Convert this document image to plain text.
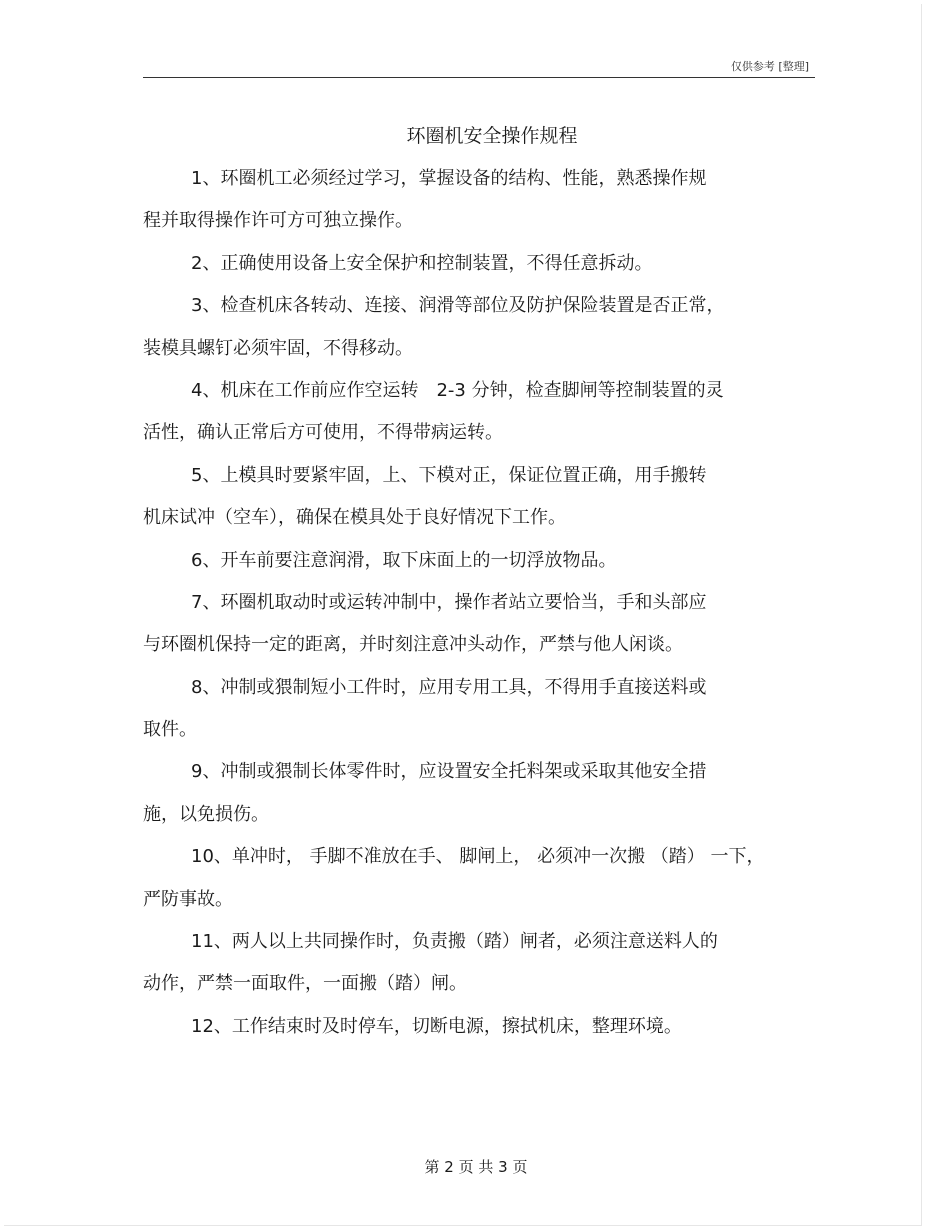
仅供参考 [整理]
环圈机安全操作规程
1、环圈机工必须经过学习，掌握设备的结构、性能，熟悉操作规
程并取得操作许可方可独立操作。
2、正确使用设备上安全保护和控制装置，不得任意拆动。
3、检查机床各转动、连接、润滑等部位及防护保险装置是否正常，
装模具螺钉必须牢固，不得移动。
4、机床在工作前应作空运转　2-3 分钟，检查脚闸等控制装置的灵
活性，确认正常后方可使用，不得带病运转。
5、上模具时要紧牢固，上、下模对正，保证位置正确，用手搬转
机床试冲（空车），确保在模具处于良好情况下工作。
6、开车前要注意润滑，取下床面上的一切浮放物品。
7、环圈机取动时或运转冲制中，操作者站立要恰当，手和头部应
与环圈机保持一定的距离，并时刻注意冲头动作，严禁与他人闲谈。
8、冲制或猥制短小工件时，应用专用工具，不得用手直接送料或
取件。
9、冲制或猥制长体零件时，应设置安全托料架或采取其他安全措
施，以免损伤。
10、单冲时， 手脚不准放在手、 脚闸上， 必须冲一次搬 （踏） 一下，
严防事故。
11、两人以上共同操作时，负责搬（踏）闸者，必须注意送料人的
动作，严禁一面取件，一面搬（踏）闸。
12、工作结束时及时停车，切断电源，擦拭机床，整理环境。
第 2 页 共 3 页
